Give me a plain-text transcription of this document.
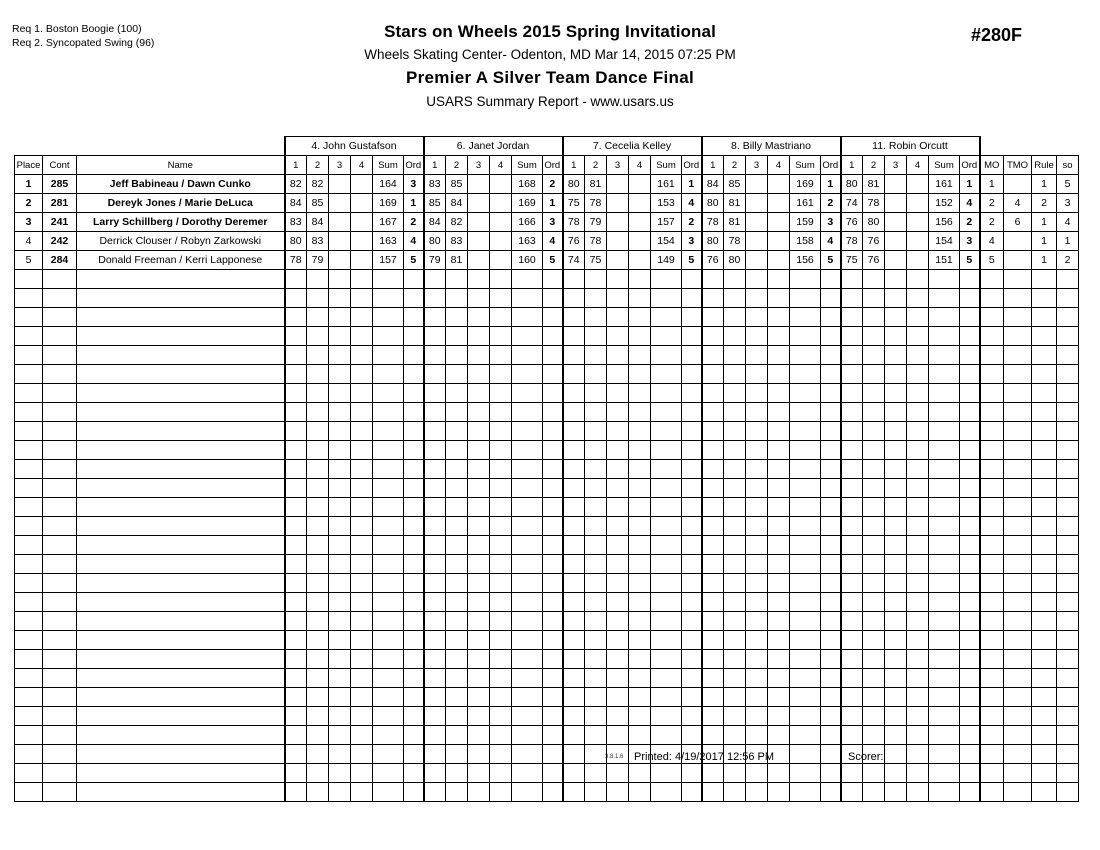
Req 1. Boston Boogie (100)
Req 2. Syncopated Swing (96)
Stars on Wheels 2015 Spring Invitational
Wheels Skating Center- Odenton, MD Mar 14, 2015 07:25 PM
Premier A Silver Team Dance Final
USARS Summary Report - www.usars.us
#280F
			4. John Gustafson						6. Janet Jordan						7. Cecelia Kelley						8. Billy Mastriano						11. Robin Orcutt									
Place	Cont	Name	1	2	3	4	Sum	Ord	1	2	3	4	Sum	Ord	1	2	3	4	Sum	Ord	1	2	3	4	Sum	Ord	1	2	3	4	Sum	Ord	MO	TMO	Rule	so
1	285	Jeff Babineau / Dawn Cunko	82	82			164	3	83	85			168	2	80	81			161	1	84	85			169	1	80	81			161	1	1		1	5
2	281	Dereyk Jones / Marie DeLuca	84	85			169	1	85	84			169	1	75	78			153	4	80	81			161	2	74	78			152	4	2	4	2	3
3	241	Larry Schillberg / Dorothy Deremer	83	84			167	2	84	82			166	3	78	79			157	2	78	81			159	3	76	80			156	2	2	6	1	4
4	242	Derrick Clouser / Robyn Zarkowski	80	83			163	4	80	83			163	4	76	78			154	3	80	78			158	4	78	76			154	3	4		1	1
5	284	Donald Freeman / Kerri Lapponese	78	79			157	5	79	81			160	5	74	75			149	5	76	80			156	5	75	76			151	5	5		1	2

3.8.1.6 Printed: 4/19/2017 12:56 PM	Scorer:
